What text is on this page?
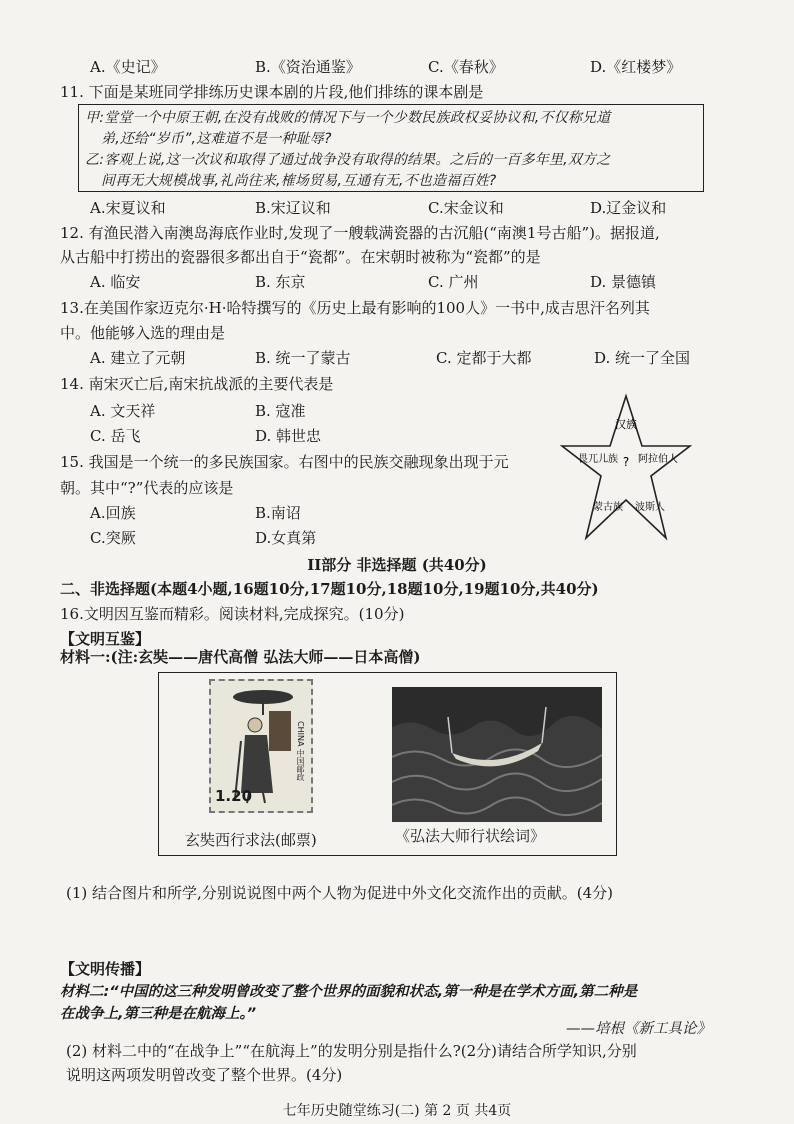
A.《史记》	B.《资治通鉴》	C.《春秋》	D.《红楼梦》
11. 下面是某班同学排练历史课本剧的片段,他们排练的课本剧是
甲:堂堂一个中原王朝,在没有战败的情况下与一个少数民族政权妥协议和,不仅称兄道
弟,还给“岁币”,这难道不是一种耻辱?
乙:客观上说,这一次议和取得了通过战争没有取得的结果。之后的一百多年里,双方之
间再无大规模战事,礼尚往来,榷场贸易,互通有无,不也造福百姓?
A.宋夏议和	B.宋辽议和	C.宋金议和	D.辽金议和
12. 有渔民潜入南澳岛海底作业时,发现了一艘载满瓷器的古沉船(“南澳1号古船”)。据报道,
从古船中打捞出的瓷器很多都出自于“瓷都”。在宋朝时被称为“瓷都”的是
A. 临安	B. 东京	C. 广州	D. 景德镇
13.在美国作家迈克尔·H·哈特撰写的《历史上最有影响的100人》一书中,成吉思汗名列其
中。他能够入选的理由是
A. 建立了元朝	B. 统一了蒙古	C. 定都于大都	D. 统一了全国
14. 南宋灭亡后,南宋抗战派的主要代表是
A. 文天祥	B. 寇准
C. 岳飞	D. 韩世忠
15. 我国是一个统一的多民族国家。右图中的民族交融现象出现于元
朝。其中“?”代表的应该是
A.回族	B.南诏
C.突厥	D.女真第
汉族
畏兀儿族 阿拉伯人
?
蒙古族 波斯人
II部分 非选择题 (共40分)
二、非选择题(本题4小题,16题10分,17题10分,18题10分,19题10分,共40分)
16.文明因互鉴而精彩。阅读材料,完成探究。(10分)
【文明互鉴】
材料一:(注:玄奘——唐代高僧 弘法大师——日本高僧)
1.20
CHINA 中国邮政
玄奘西行求法(邮票)	《弘法大师行状绘词》
(1) 结合图片和所学,分别说说图中两个人物为促进中外文化交流作出的贡献。(4分)
【文明传播】
材料二:“中国的这三种发明曾改变了整个世界的面貌和状态,第一种是在学术方面,第二种是
在战争上,第三种是在航海上。”
——培根《新工具论》
(2) 材料二中的“在战争上”“在航海上”的发明分别是指什么?(2分)请结合所学知识,分别
说明这两项发明曾改变了整个世界。(4分)
七年历史随堂练习(二) 第 2 页 共4页
